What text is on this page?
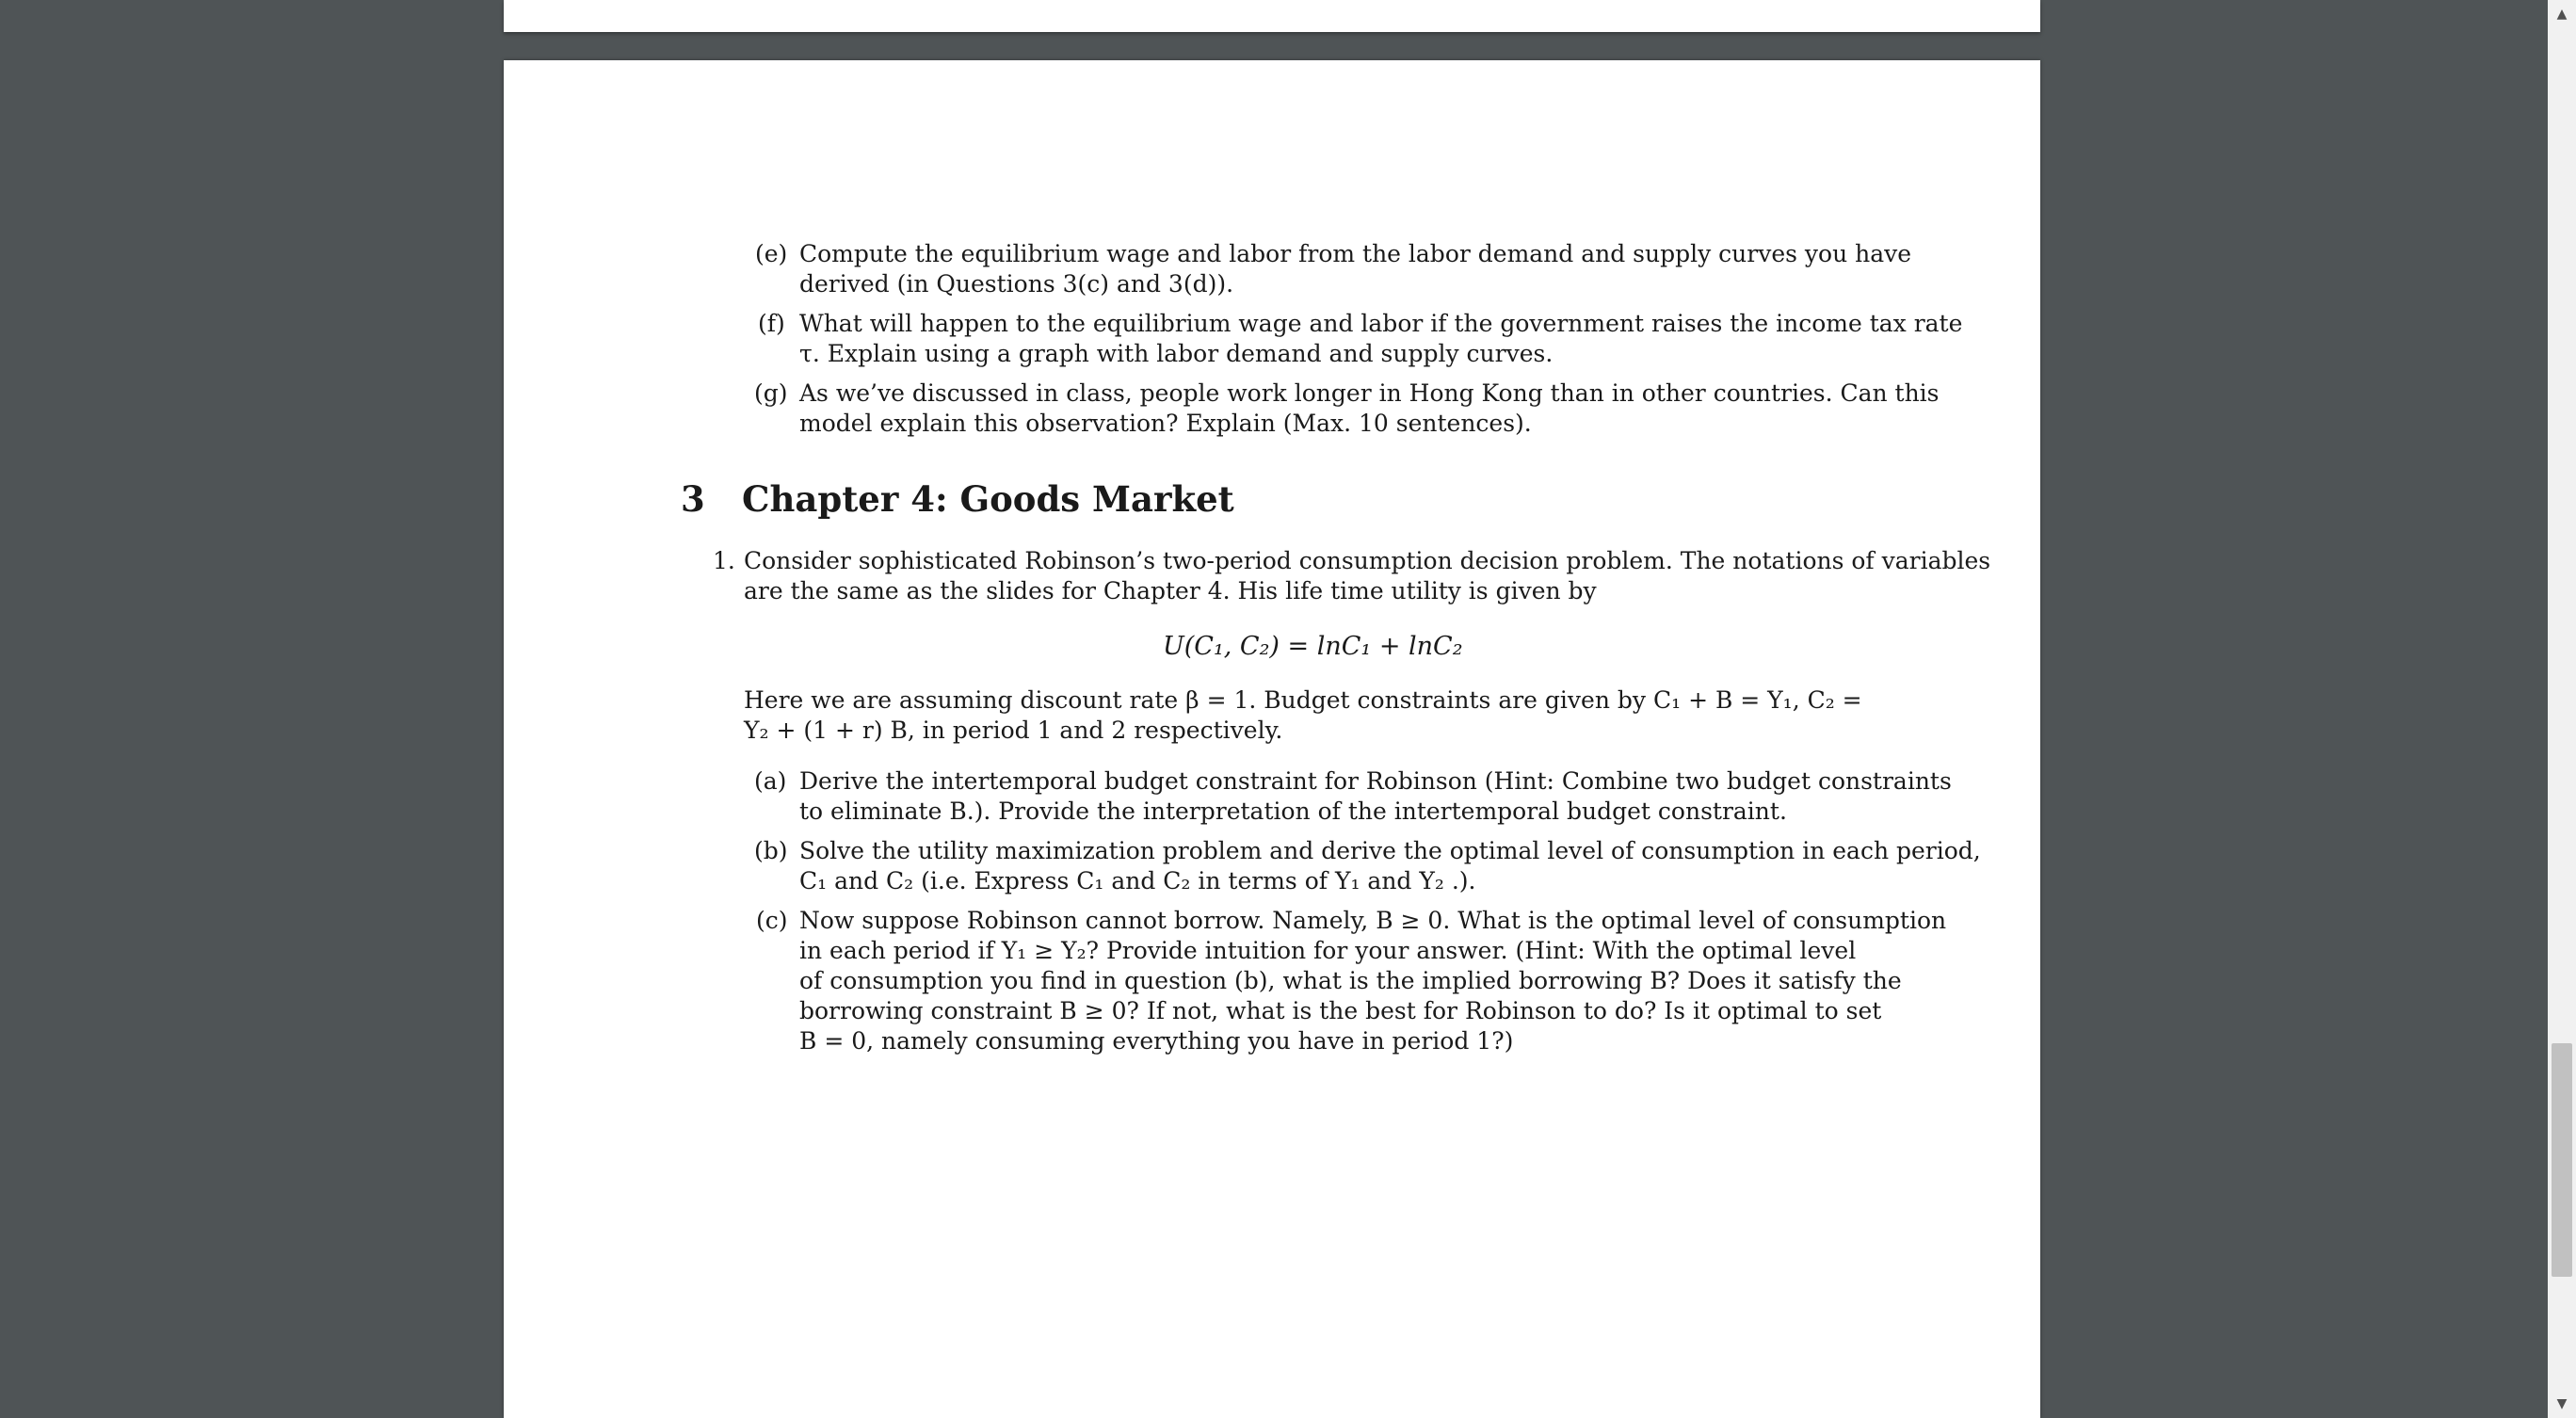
(e) Compute the equilibrium wage and labor from the labor demand and supply curves you have
derived (in Questions 3(c) and 3(d)).
(f) What will happen to the equilibrium wage and labor if the government raises the income tax rate
τ. Explain using a graph with labor demand and supply curves.
(g) As we’ve discussed in class, people work longer in Hong Kong than in other countries. Can this
model explain this observation? Explain (Max. 10 sentences).
3 Chapter 4: Goods Market
1. Consider sophisticated Robinson’s two-period consumption decision problem. The notations of variables
are the same as the slides for Chapter 4. His life time utility is given by
U(C₁, C₂) = lnC₁ + lnC₂
Here we are assuming discount rate β = 1. Budget constraints are given by C₁ + B = Y₁, C₂ =
Y₂ + (1 + r) B, in period 1 and 2 respectively.
(a) Derive the intertemporal budget constraint for Robinson (Hint: Combine two budget constraints
to eliminate B.). Provide the interpretation of the intertemporal budget constraint.
(b) Solve the utility maximization problem and derive the optimal level of consumption in each period,
C₁ and C₂ (i.e. Express C₁ and C₂ in terms of Y₁ and Y₂ .).
(c) Now suppose Robinson cannot borrow. Namely, B ≥ 0. What is the optimal level of consumption
in each period if Y₁ ≥ Y₂? Provide intuition for your answer. (Hint: With the optimal level
of consumption you find in question (b), what is the implied borrowing B? Does it satisfy the
borrowing constraint B ≥ 0? If not, what is the best for Robinson to do? Is it optimal to set
B = 0, namely consuming everything you have in period 1?)
▲
▼
